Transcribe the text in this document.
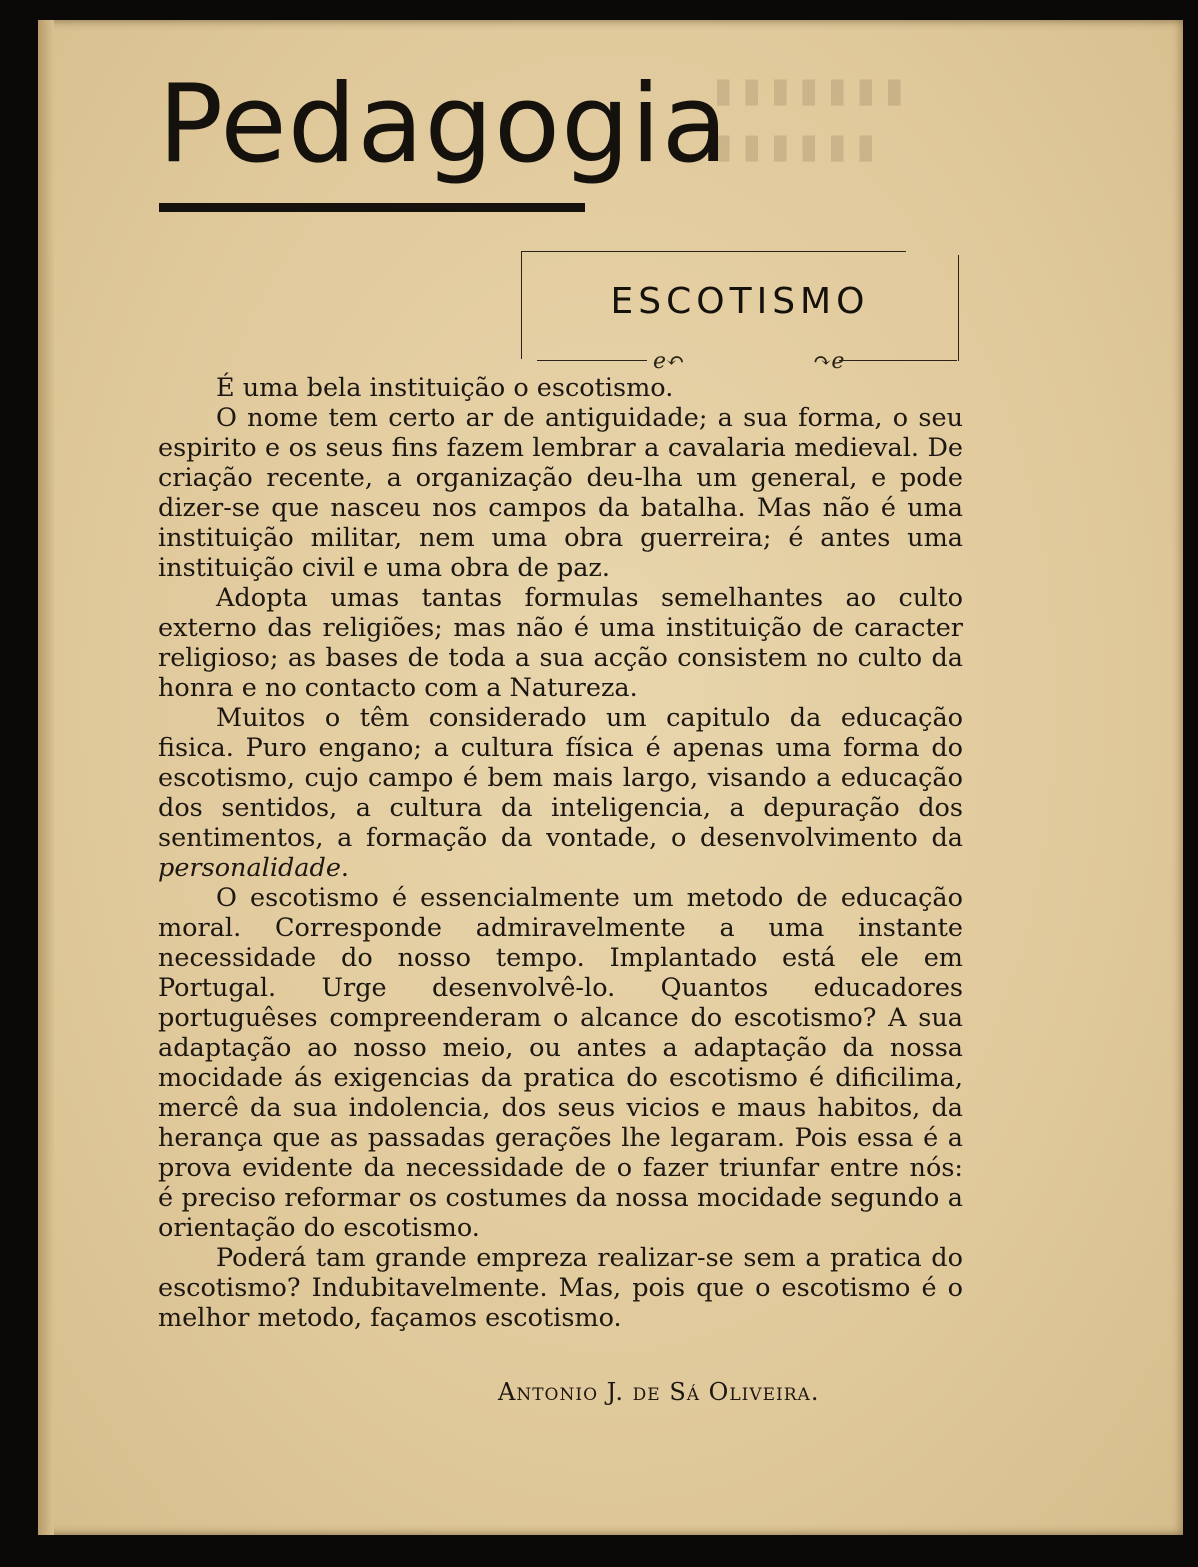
▮▮▮▮▮▮▮
▮▮▮▮▮▮
Pedagogia
ESCOTISMO
ℯ↶	↷ℯ

É uma bela instituição o escotismo.

O nome tem certo ar de antiguidade; a sua forma, o seu espirito e os seus fins fazem lembrar a cavalaria medieval. De criação recente, a organização deu-lha um general, e pode dizer-se que nasceu nos campos da batalha. Mas não é uma instituição militar, nem uma obra guerreira; é antes uma instituição civil e uma obra de paz.

Adopta umas tantas formulas semelhantes ao culto externo das religiões; mas não é uma instituição de caracter religioso; as bases de toda a sua acção consistem no culto da honra e no contacto com a Natureza.

Muitos o têm considerado um capitulo da educação fisica. Puro engano; a cultura física é apenas uma forma do escotismo, cujo campo é bem mais largo, visando a educação dos sentidos, a cultura da inteligencia, a depuração dos sentimentos, a formação da vontade, o desenvolvimento da personalidade.

O escotismo é essencialmente um metodo de educação moral. Corresponde admiravelmente a uma instante necessidade do nosso tempo. Implantado está ele em Portugal. Urge desenvolvê-lo. Quantos educadores portuguêses compreenderam o alcance do escotismo? A sua adaptação ao nosso meio, ou antes a adaptação da nossa mocidade ás exigencias da pratica do escotismo é dificilima, mercê da sua indolencia, dos seus vicios e maus habitos, da herança que as passadas gerações lhe legaram. Pois essa é a prova evidente da necessidade de o fazer triunfar entre nós: é preciso reformar os costumes da nossa mocidade segundo a orientação do escotismo.

Poderá tam grande empreza realizar-se sem a pratica do escotismo? Indubitavelmente. Mas, pois que o escotismo é o melhor metodo, façamos escotismo.

Antonio J. de Sá Oliveira.
